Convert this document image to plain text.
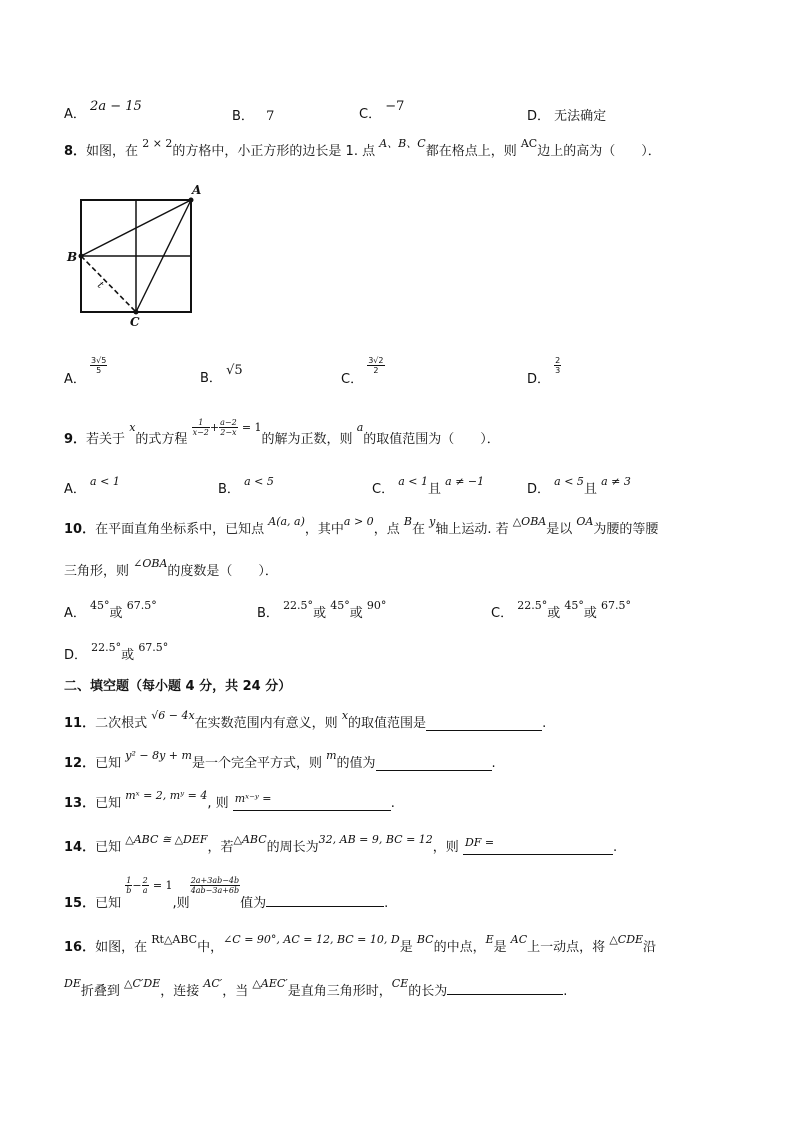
A． 2a − 15
B． 7	C． −7
D． 无法确定
8．如图，在 $^{2 \times 2}$的方格中，小正方形的边长是 1. 点 $^{A、B、C}$都在格点上，则 $^{AC}$边上的高为（　　）．
A
B
C
t
A．
$\frac{3√5}{5}$
B． √5
C．
$\frac{3√2}{2}$
D．
$\frac{2}{3}$
9．若关于 x的式方程
$\frac{1}{x-2} + \frac{a-2}{2-x} = 1$的解为正数，则 a的取值范围为（　　）．
A． a < 1
B． a < 5
C． a < 1且 a ≠ −1
D． a < 5且 a ≠ 3
10．在平面直角坐标系中，已知点 A(a, a)，其中a > 0，点 B在 y轴上运动. 若 △OBA是以 OA为腰的等腰
三角形，则 ∠OBA的度数是（　　）．
A． 45°或 67.5°
B． 22.5°或 45°或 90°
C． 22.5°或 45°或 67.5°
D． 22.5°或 67.5°
二、填空题（每小题 4 分，共 24 分）
11．二次根式 √6 − 4x在实数范围内有意义，则 x的取值范围是	.
12．已知 y² − 8y + m是一个完全平方式，则 m的值为	.
13．已知 mˣ = 2, mʸ = 4, 则 mˣ⁻ʸ =	.
14．已知 △ABC ≅ △DEF，若△ABC的周长为32, AB = 9, BC = 12，则 DF =	.
15．已知
$\frac{1}{b} - \frac{2}{a} = 1$,则
$\frac{2a+3ab-4b}{4ab-3a+6b}$
值为	.
16．如图，在 Rt△ABC中，∠C = 90°, AC = 12, BC = 10, D是 BC的中点，E是 AC上一动点，将 △CDE沿
DE折叠到 △C′DE，连接 AC′，当 △AEC′是直角三角形时，CE的长为	.
